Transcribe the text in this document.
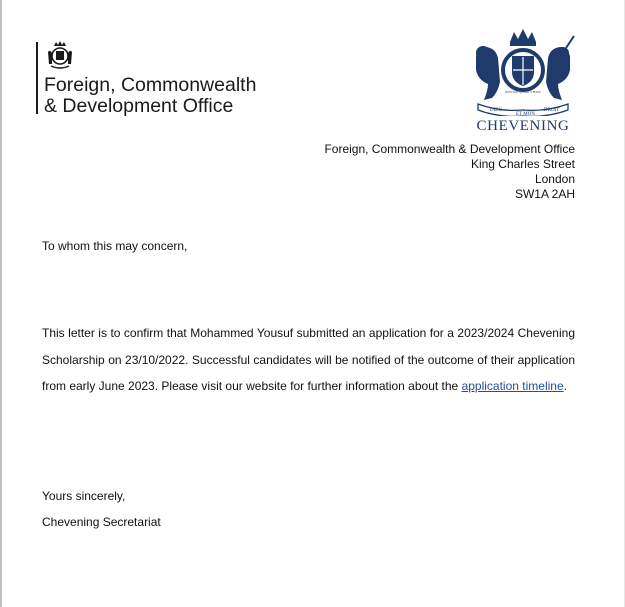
Foreign, Commonwealth
& Development Office	DIEU
ET MON
DROIT
HONI SOIT QUI MAL Y PENSE
CHEVENING
Foreign, Commonwealth & Development Office
King Charles Street
London
SW1A 2AH
To whom this may concern,
This letter is to confirm that Mohammed Yousuf submitted an application for a 2023/2024 Chevening Scholarship on 23/10/2022. Successful candidates will be notified of the outcome of their application from early June 2023. Please visit our website for further information about the application timeline.
Yours sincerely,
Chevening Secretariat
